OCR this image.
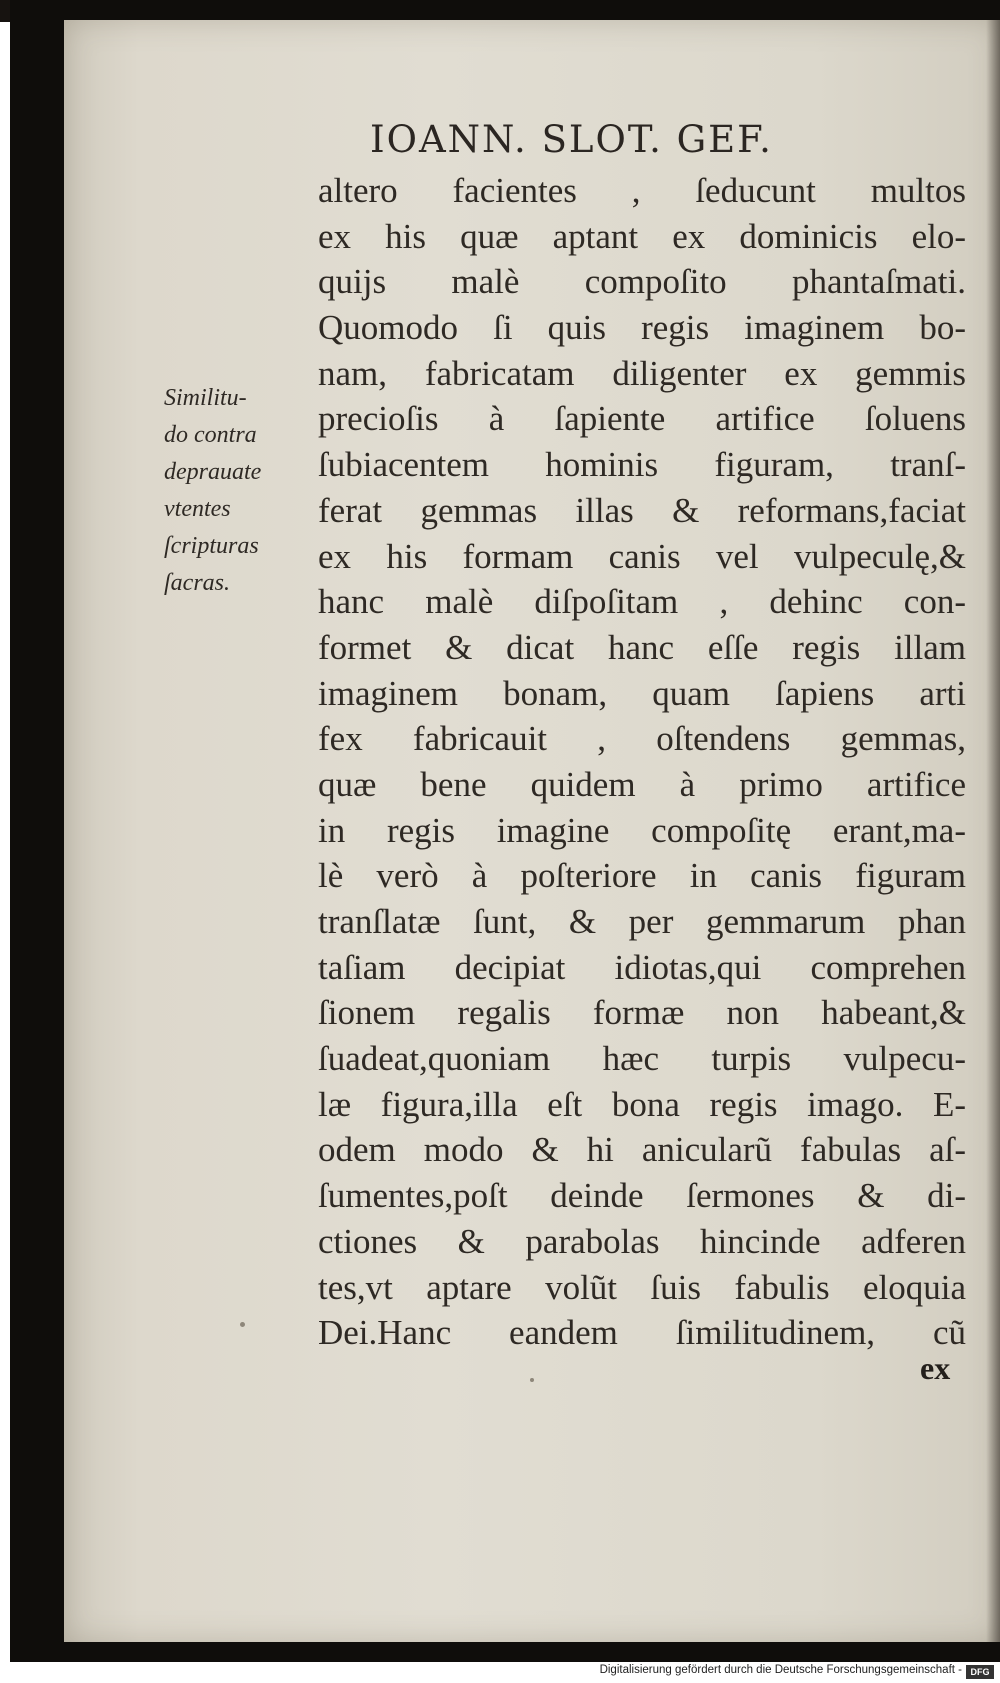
IOANN. SLOT. GEF.
Similitu-
do contra
deprauate
vtentes
ſcripturas
ſacras.
altero facientes , ſeducunt multos
ex his quæ aptant ex dominicis elo-
quijs malè compoſito phantaſmati.
Quomodo ſi quis regis imaginem bo-
nam, fabricatam diligenter ex gemmis
precioſis à ſapiente artifice ſoluens
ſubiacentem hominis figuram, tranſ-
ferat gemmas illas & reformans,faciat
ex his formam canis vel vulpeculę,&
hanc malè diſpoſitam , dehinc con-
formet & dicat hanc eſſe regis illam
imaginem bonam, quam ſapiens arti
fex fabricauit , oſtendens gemmas,
quæ bene quidem à primo artifice
in regis imagine compoſitę erant,ma-
lè verò à poſteriore in canis figuram
tranſlatæ ſunt, & per gemmarum phan
taſiam decipiat idiotas,qui comprehen
ſionem regalis formæ non habeant,&
ſuadeat,quoniam hæc turpis vulpecu-
læ figura,illa eſt bona regis imago. E-
odem modo & hi anicularũ fabulas aſ-
ſumentes,poſt deinde ſermones & di-
ctiones & parabolas hincinde adferen
tes,vt aptare volũt ſuis fabulis eloquia
Dei.Hanc eandem ſimilitudinem, cũ
ex
Digitalisierung gefördert durch die Deutsche Forschungsgemeinschaft - DFG
